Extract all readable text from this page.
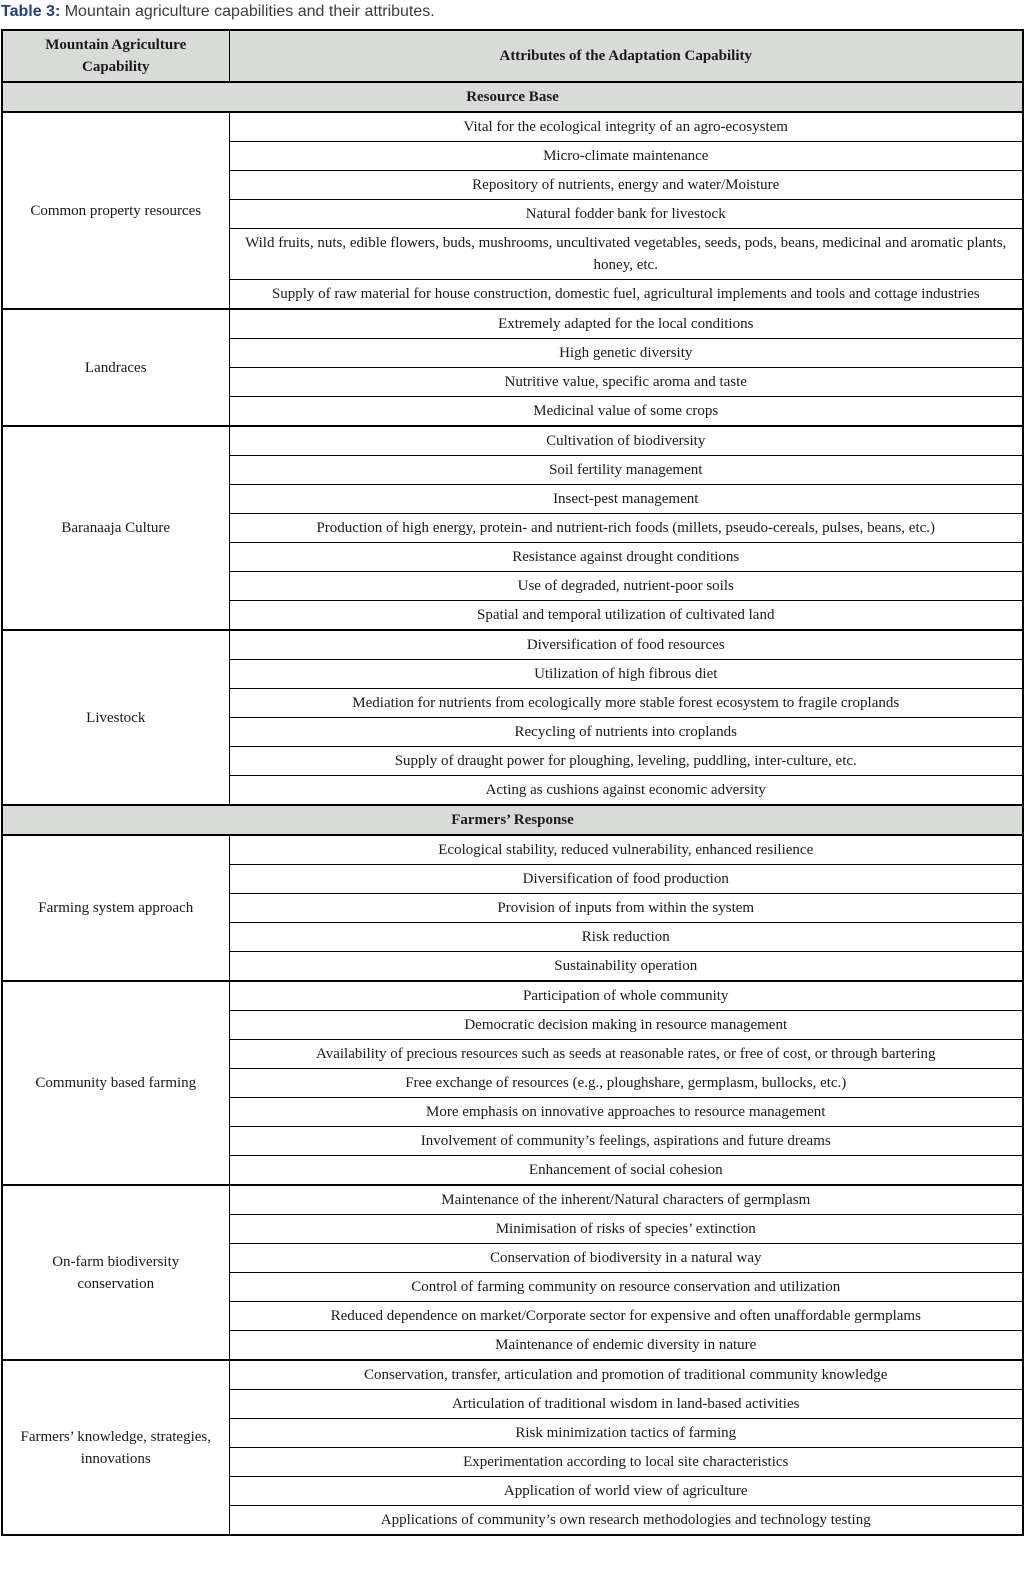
Table 3: Mountain agriculture capabilities and their attributes.

Mountain Agriculture Capability	Attributes of the Adaptation Capability
Resource Base	
Common property resources	Vital for the ecological integrity of an agro-ecosystem
	Micro-climate maintenance
	Repository of nutrients, energy and water/Moisture
	Natural fodder bank for livestock
	Wild fruits, nuts, edible flowers, buds, mushrooms, uncultivated vegetables, seeds, pods, beans, medicinal and aromatic plants, honey, etc.
	Supply of raw material for house construction, domestic fuel, agricultural implements and tools and cottage industries
Landraces	Extremely adapted for the local conditions
	High genetic diversity
	Nutritive value, specific aroma and taste
	Medicinal value of some crops
Baranaaja Culture	Cultivation of biodiversity
	Soil fertility management
	Insect-pest management
	Production of high energy, protein- and nutrient-rich foods (millets, pseudo-cereals, pulses, beans, etc.)
	Resistance against drought conditions
	Use of degraded, nutrient-poor soils
	Spatial and temporal utilization of cultivated land
Livestock	Diversification of food resources
	Utilization of high fibrous diet
	Mediation for nutrients from ecologically more stable forest ecosystem to fragile croplands
	Recycling of nutrients into croplands
	Supply of draught power for ploughing, leveling, puddling, inter-culture, etc.
	Acting as cushions against economic adversity
Farmers’ Response	
Farming system approach	Ecological stability, reduced vulnerability, enhanced resilience
	Diversification of food production
	Provision of inputs from within the system
	Risk reduction
	Sustainability operation
Community based farming	Participation of whole community
	Democratic decision making in resource management
	Availability of precious resources such as seeds at reasonable rates, or free of cost, or through bartering
	Free exchange of resources (e.g., ploughshare, germplasm, bullocks, etc.)
	More emphasis on innovative approaches to resource management
	Involvement of community’s feelings, aspirations and future dreams
	Enhancement of social cohesion
On-farm biodiversity conservation	Maintenance of the inherent/Natural characters of germplasm
	Minimisation of risks of species’ extinction
	Conservation of biodiversity in a natural way
	Control of farming community on resource conservation and utilization
	Reduced dependence on market/Corporate sector for expensive and often unaffordable germplams
	Maintenance of endemic diversity in nature
Farmers’ knowledge, strategies, innovations	Conservation, transfer, articulation and promotion of traditional community knowledge
	Articulation of traditional wisdom in land-based activities
	Risk minimization tactics of farming
	Experimentation according to local site characteristics
	Application of world view of agriculture
	Applications of community’s own research methodologies and technology testing
